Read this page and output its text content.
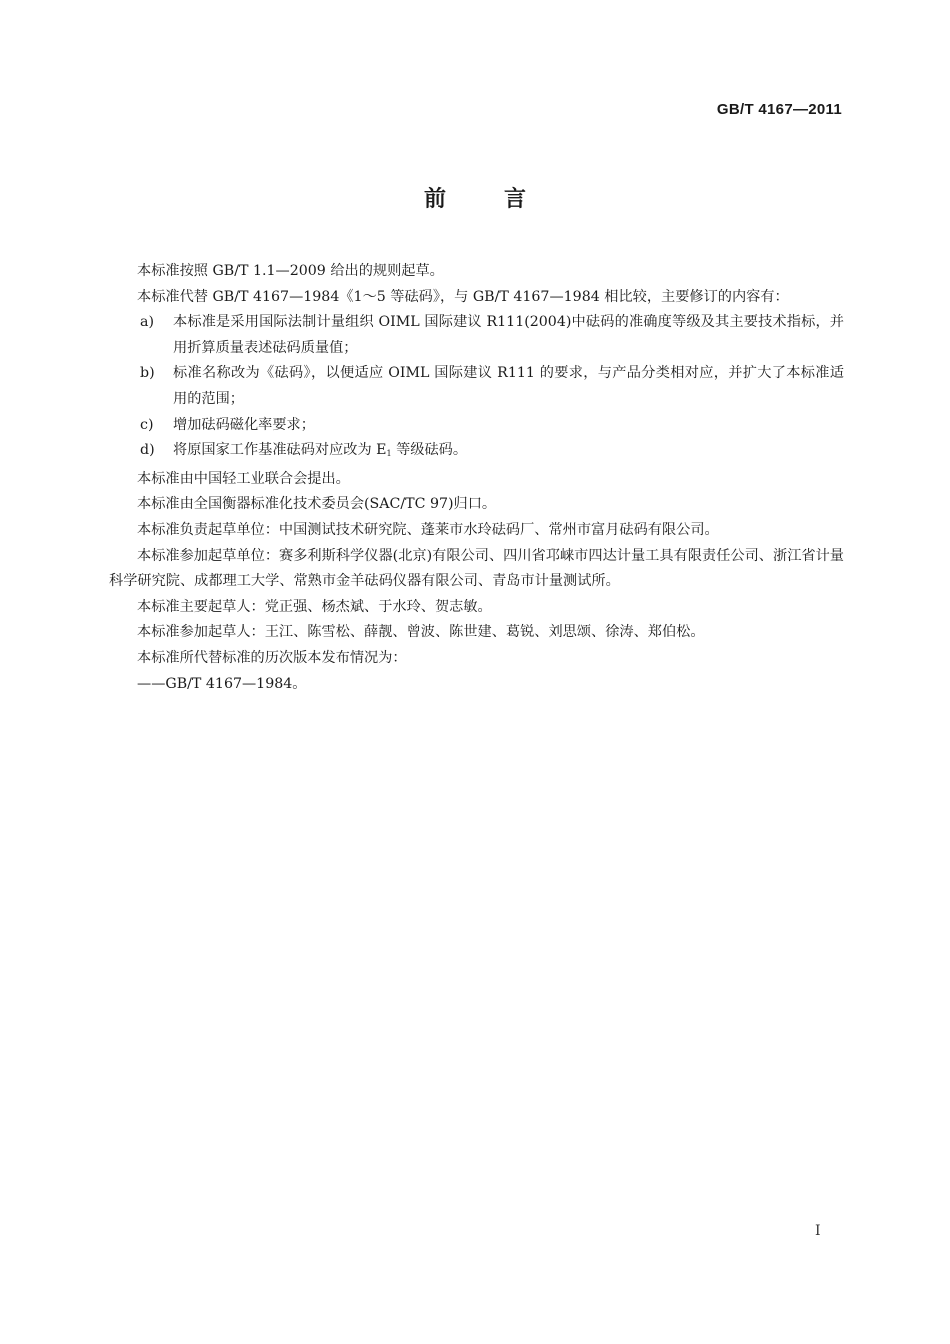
GB/T 4167—2011
前言

本标准按照 GB/T 1.1—2009 给出的规则起草。

本标准代替 GB/T 4167—1984《1～5 等砝码》，与 GB/T 4167—1984 相比较，主要修订的内容有：

a) 本标准是采用国际法制计量组织 OIML 国际建议 R111(2004)中砝码的准确度等级及其主要技术指标，并用折算质量表述砝码质量值；

b) 标准名称改为《砝码》，以便适应 OIML 国际建议 R111 的要求，与产品分类相对应，并扩大了本标准适用的范围；

c) 增加砝码磁化率要求；

d) 将原国家工作基准砝码对应改为 $E_1$ 等级砝码。

本标准由中国轻工业联合会提出。

本标准由全国衡器标准化技术委员会(SAC/TC 97)归口。

本标准负责起草单位：中国测试技术研究院、蓬莱市水玲砝码厂、常州市富月砝码有限公司。

本标准参加起草单位：赛多利斯科学仪器(北京)有限公司、四川省邛崃市四达计量工具有限责任公司、浙江省计量科学研究院、成都理工大学、常熟市金羊砝码仪器有限公司、青岛市计量测试所。

本标准主要起草人：党正强、杨杰斌、于水玲、贺志敏。

本标准参加起草人：王江、陈雪松、薛靓、曾波、陈世建、葛锐、刘思颂、徐涛、郑伯松。

本标准所代替标准的历次版本发布情况为：

——GB/T 4167—1984。

I
